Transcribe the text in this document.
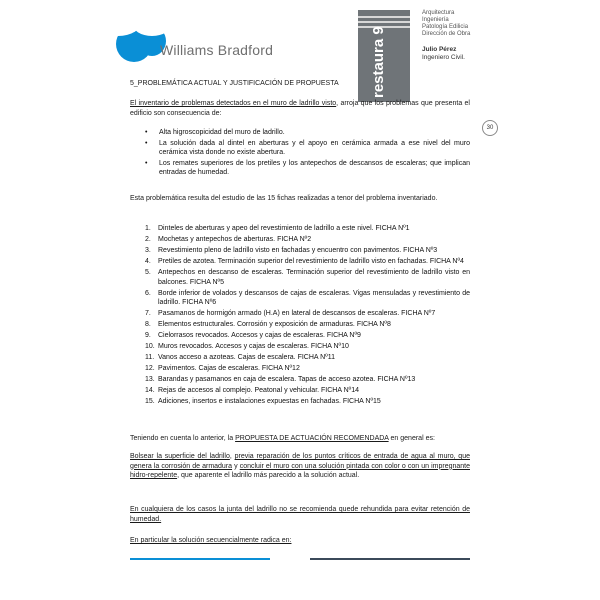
Williams Bradford	restaura 9
Arquitectura
Ingeniería
Patología Edilicia
Dirección de Obra
Julio Pérez
Ingeniero Civil.
30
5_PROBLEMÁTICA ACTUAL Y JUSTIFICACIÓN DE PROPUESTA
El inventario de problemas detectados en el muro de ladrillo visto, arroja que los problemas que presenta el edificio son consecuencia de:
• Alta higroscopicidad del muro de ladrillo.
• La solución dada al dintel en aberturas y el apoyo en cerámica armada a ese nivel del muro cerámica vista donde no existe abertura.
• Los remates superiores de los pretiles y los antepechos de descansos de escaleras; que implican entradas de humedad.
Esta problemática resulta del estudio de las 15 fichas realizadas a tenor del problema inventariado.
1. Dinteles de aberturas y apeo del revestimiento de ladrillo a este nivel. FICHA Nº1
2. Mochetas y antepechos de aberturas. FICHA Nº2
3. Revestimiento pleno de ladrillo visto en fachadas y encuentro con pavimentos. FICHA Nº3
4. Pretiles de azotea. Terminación superior del revestimiento de ladrillo visto en fachadas. FICHA Nº4
5. Antepechos en descanso de escaleras. Terminación superior del revestimiento de ladrillo visto en balcones. FICHA Nº5
6. Borde inferior de volados y descansos de cajas de escaleras. Vigas mensuladas y revestimiento de ladrillo. FICHA Nº6
7. Pasamanos de hormigón armado (H.A) en lateral de descansos de escaleras. FICHA Nº7
8. Elementos estructurales. Corrosión y exposición de armaduras. FICHA Nº8
9. Cielorrasos revocados. Accesos y cajas de escaleras. FICHA Nº9
10. Muros revocados. Accesos y cajas de escaleras. FICHA Nº10
11. Vanos acceso a azoteas. Cajas de escalera. FICHA Nº11
12. Pavimentos. Cajas de escaleras. FICHA Nº12
13. Barandas y pasamanos en caja de escalera. Tapas de acceso azotea. FICHA Nº13
14. Rejas de accesos al complejo. Peatonal y vehicular. FICHA Nº14
15. Adiciones, insertos e instalaciones expuestas en fachadas. FICHA Nº15
Teniendo en cuenta lo anterior, la PROPUESTA DE ACTUACIÓN RECOMENDADA en general es:
Bolsear la superficie del ladrillo, previa reparación de los puntos críticos de entrada de agua al muro, que genera la corrosión de armadura y concluir el muro con una solución pintada con color o con un impregnante hidro-repelente, que aparente el ladrillo más parecido a la solución actual.
En cualquiera de los casos la junta del ladrillo no se recomienda quede rehundida para evitar retención de humedad.
En particular la solución secuencialmente radica en:
